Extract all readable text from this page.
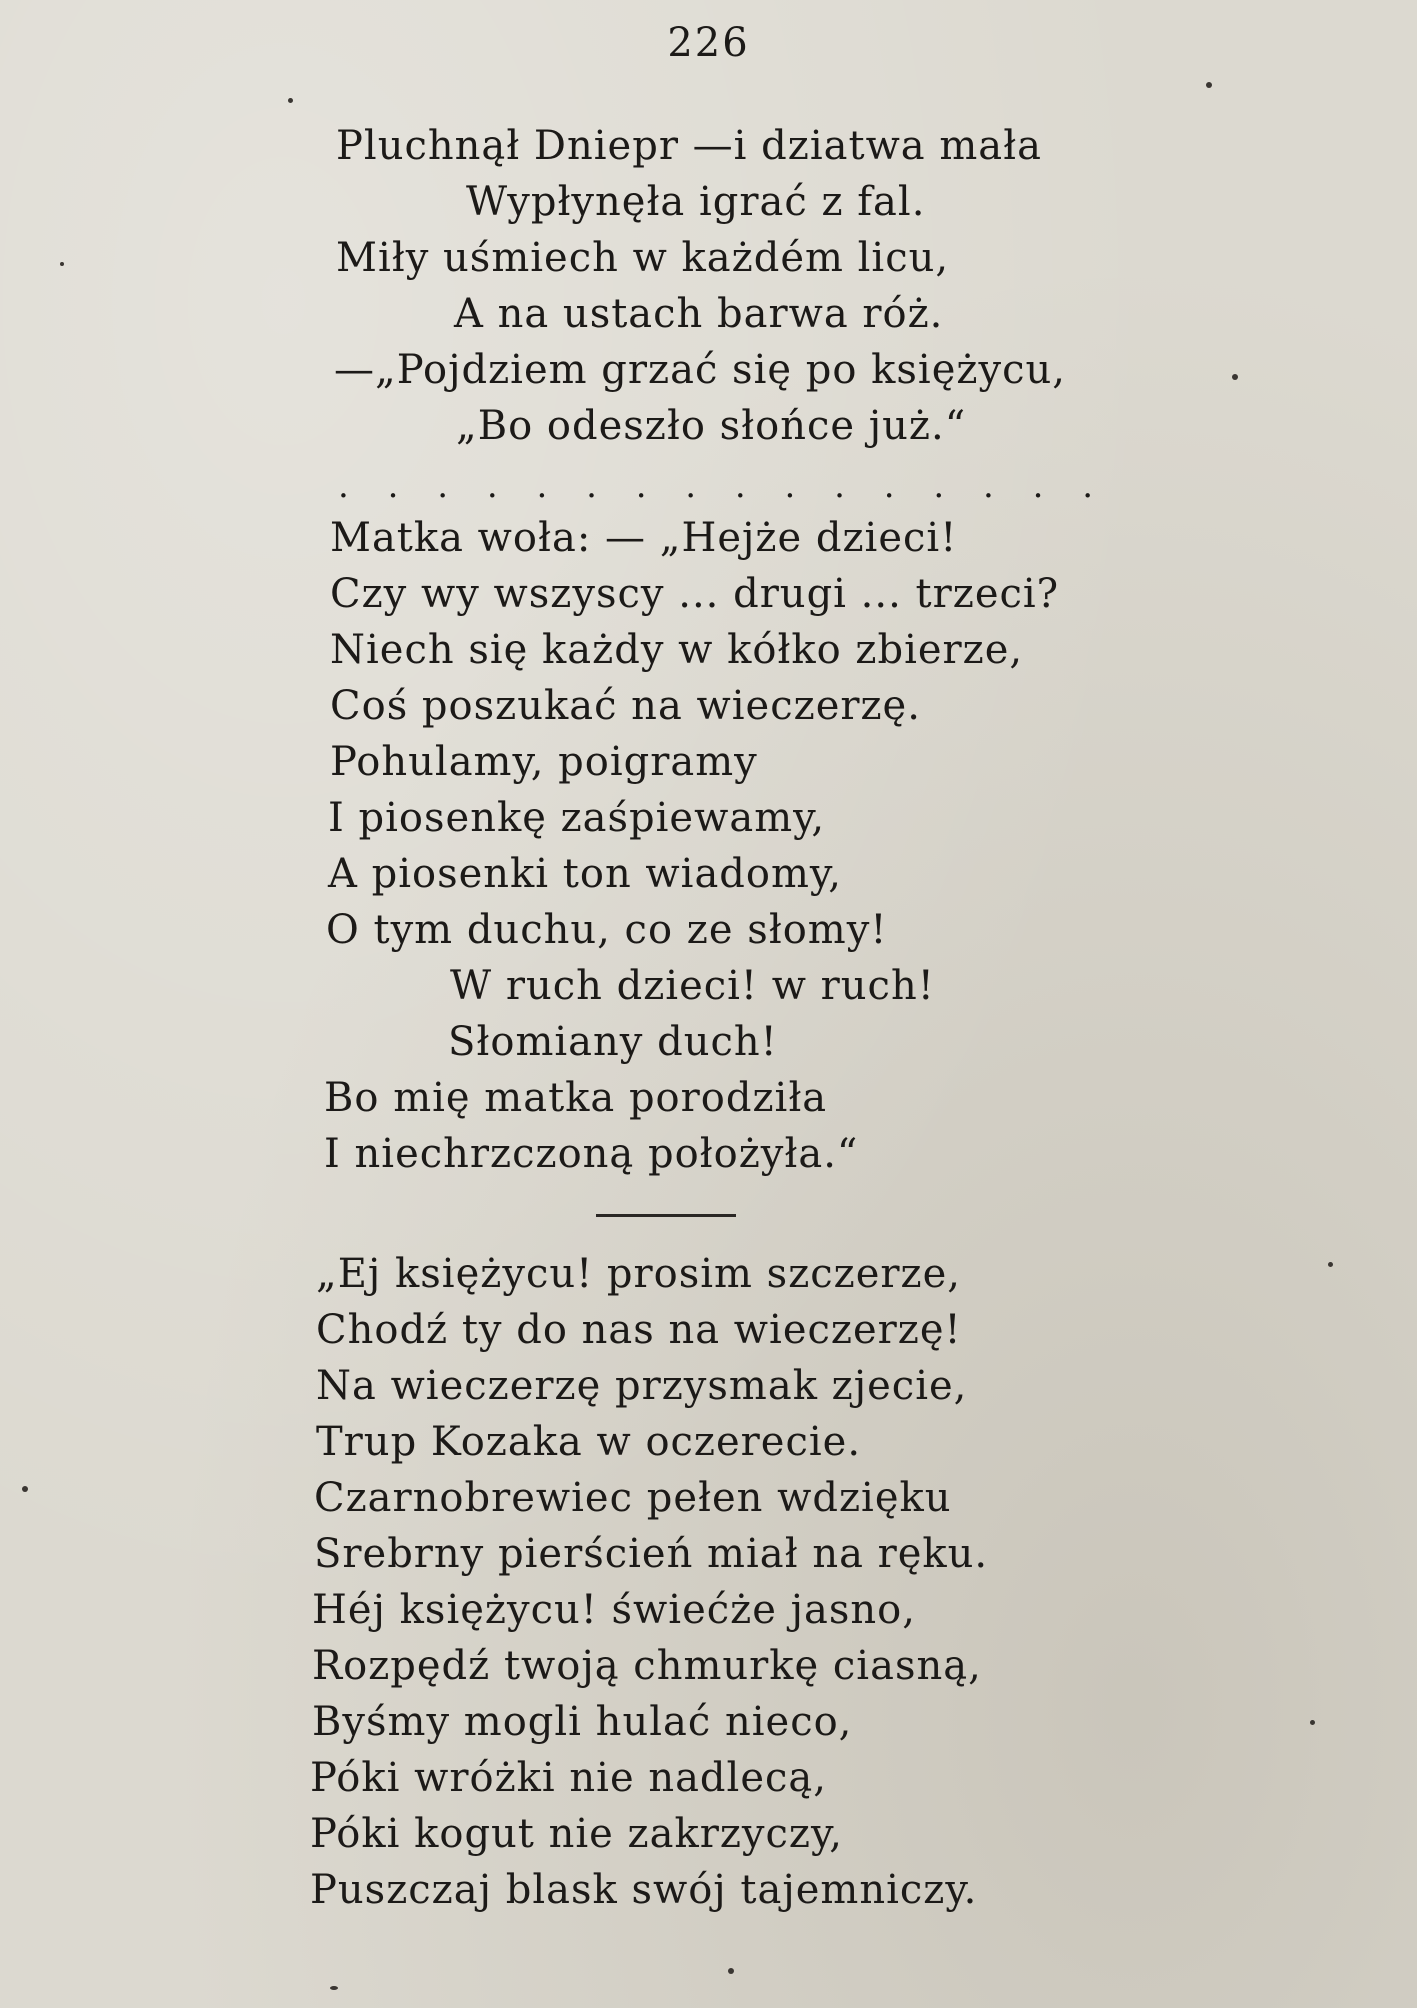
226
Pluchnął Dniepr —i dziatwa mała
Wypłynęła igrać z fal.
Miły uśmiech w każdém licu,
A na ustach barwa róż.
—„Pojdziem grzać się po księżycu,
„Bo odeszło słońce już.“
. . . . . . . . . . . . . . . .
Matka woła: — „Hejże dzieci!
Czy wy wszyscy ... drugi ... trzeci?
Niech się każdy w kółko zbierze,
Coś poszukać na wieczerzę.
Pohulamy, poigramy
I piosenkę zaśpiewamy,
A piosenki ton wiadomy,
O tym duchu, co ze słomy!
W ruch dzieci! w ruch!
Słomiany duch!
Bo mię matka porodziła
I niechrzczoną położyła.“
„Ej księżycu! prosim szczerze,
Chodź ty do nas na wieczerzę!
Na wieczerzę przysmak zjecie,
Trup Kozaka w oczerecie.
Czarnobrewiec pełen wdzięku
Srebrny pierścień miał na ręku.
Héj księżycu! świećże jasno,
Rozpędź twoją chmurkę ciasną,
Byśmy mogli hulać nieco,
Póki wróżki nie nadlecą,
Póki kogut nie zakrzyczy,
Puszczaj blask swój tajemniczy.
